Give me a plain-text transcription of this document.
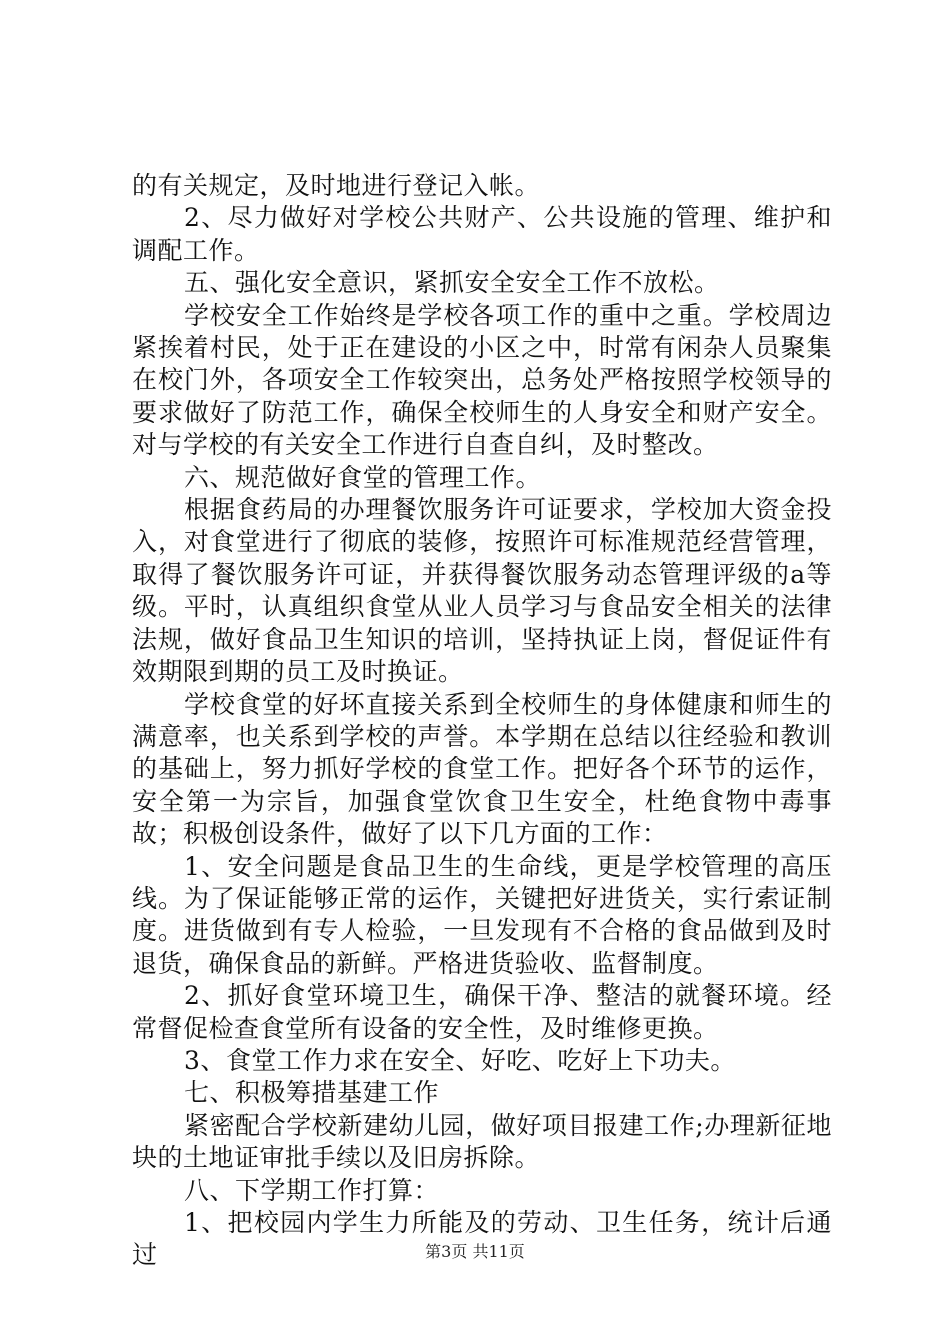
的有关规定，及时地进行登记入帐。

2、尽力做好对学校公共财产、公共设施的管理、维护和调配工作。

五、强化安全意识，紧抓安全安全工作不放松。

学校安全工作始终是学校各项工作的重中之重。学校周边紧挨着村民，处于正在建设的小区之中，时常有闲杂人员聚集在校门外，各项安全工作较突出，总务处严格按照学校领导的要求做好了防范工作，确保全校师生的人身安全和财产安全。对与学校的有关安全工作进行自查自纠，及时整改。

六、规范做好食堂的管理工作。

根据食药局的办理餐饮服务许可证要求，学校加大资金投入，对食堂进行了彻底的装修，按照许可标准规范经营管理，取得了餐饮服务许可证，并获得餐饮服务动态管理评级的a等级。平时，认真组织食堂从业人员学习与食品安全相关的法律法规，做好食品卫生知识的培训，坚持执证上岗，督促证件有效期限到期的员工及时换证。

学校食堂的好坏直接关系到全校师生的身体健康和师生的满意率，也关系到学校的声誉。本学期在总结以往经验和教训的基础上，努力抓好学校的食堂工作。把好各个环节的运作，安全第一为宗旨，加强食堂饮食卫生安全，杜绝食物中毒事故；积极创设条件，做好了以下几方面的工作：

1、安全问题是食品卫生的生命线，更是学校管理的高压线。为了保证能够正常的运作，关键把好进货关，实行索证制度。进货做到有专人检验，一旦发现有不合格的食品做到及时退货，确保食品的新鲜。严格进货验收、监督制度。

2、抓好食堂环境卫生，确保干净、整洁的就餐环境。经常督促检查食堂所有设备的安全性，及时维修更换。

3、食堂工作力求在安全、好吃、吃好上下功夫。

七、积极筹措基建工作

紧密配合学校新建幼儿园，做好项目报建工作;办理新征地块的土地证审批手续以及旧房拆除。

八、下学期工作打算：

1、把校园内学生力所能及的劳动、卫生任务，统计后通过	第3页 共11页
